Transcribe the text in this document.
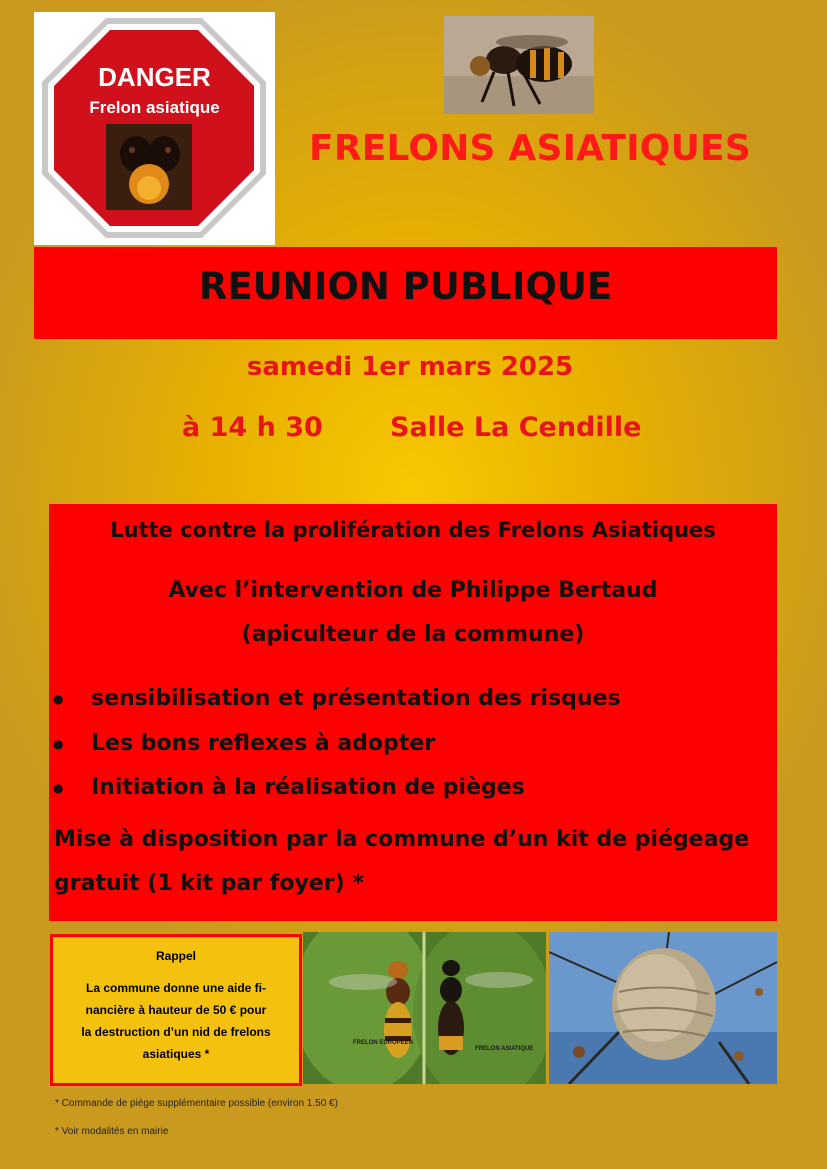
DANGER
Frelon asiatique
FRELONS ASIATIQUES
REUNION PUBLIQUE
samedi 1er mars 2025
à 14 h 30 Salle La Cendille
Lutte contre la prolifération des Frelons Asiatiques
Avec l’intervention de Philippe Bertaud
(apiculteur de la commune)
● sensibilisation et présentation des risques
● Les bons reflexes à adopter
● Initiation à la réalisation de pièges
Mise à disposition par la commune d’un kit de piégeage
gratuit (1 kit par foyer) *
Rappel
La commune donne une aide fi-
nancière à hauteur de 50 € pour
la destruction d’un nid de frelons
asiatiques *
FRELON EUROPEEN
FRELON ASIATIQUE
* Commande de piège supplémentaire possible (environ 1.50 €)
* Voir modalités en mairie
